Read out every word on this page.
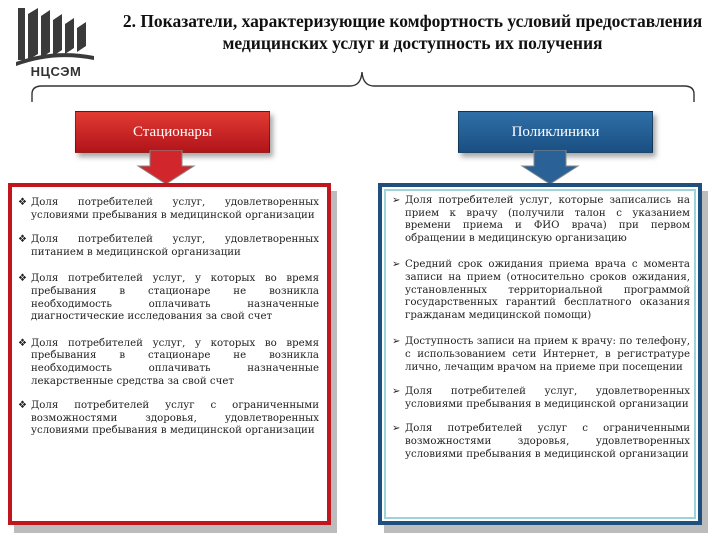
НЦСЭМ
2. Показатели, характеризующие комфортность условий предоставления медицинских услуг и доступность их получения
Стационары	Поликлиники
❖ Доля потребителей услуг, удовлетворенных условиями пребывания в медицинской организации
❖ Доля потребителей услуг, удовлетворенных питанием в медицинской организации
❖ Доля потребителей услуг, у которых во время пребывания в стационаре не возникла необходимость оплачивать назначенные диагностические исследования за свой счет
❖ Доля потребителей услуг, у которых во время пребывания в стационаре не возникла необходимость оплачивать назначенные лекарственные средства за свой счет
❖ Доля потребителей услуг с ограниченными возможностями здоровья, удовлетворенных условиями пребывания в медицинской организации
➢ Доля потребителей услуг, которые записались на прием к врачу (получили талон с указанием времени приема и ФИО врача) при первом обращении в медицинскую организацию
➢ Средний срок ожидания приема врача с момента записи на прием (относительно сроков ожидания, установленных территориальной программой государственных гарантий бесплатного оказания гражданам медицинской помощи)
➢ Доступность записи на прием к врачу: по телефону, с использованием сети Интернет, в регистратуре лично, лечащим врачом на приеме при посещении
➢ Доля потребителей услуг, удовлетворенных условиями пребывания в медицинской организации
➢ Доля потребителей услуг с ограниченными возможностями здоровья, удовлетворенных условиями пребывания в медицинской организации
